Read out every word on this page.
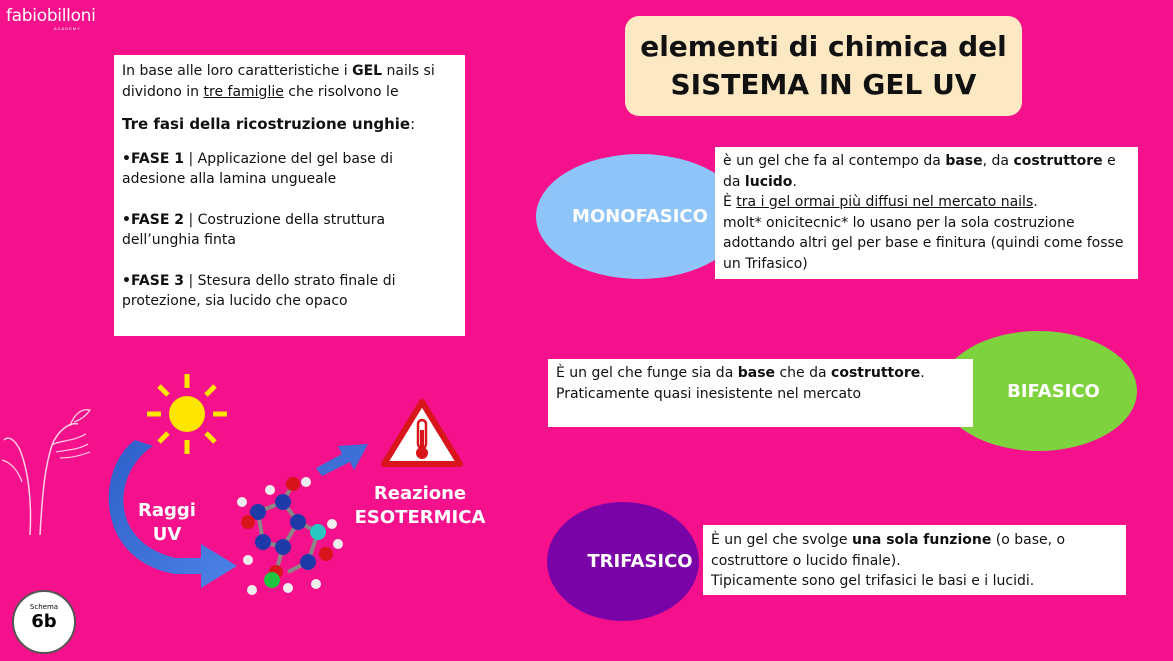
fabiobilloni
ACADEMY
elementi di chimica del
SISTEMA IN GEL UV

In base alle loro caratteristiche i GEL nails si dividono in tre famiglie che risolvono le

Tre fasi della ricostruzione unghie:

•FASE 1 | Applicazione del gel base di adesione alla lamina ungueale

•FASE 2 | Costruzione della struttura dell’unghia finta

•FASE 3 | Stesura dello strato finale di protezione, sia lucido che opaco

MONOFASICO

è un gel che fa al contempo da base, da costruttore e da lucido.

È tra i gel ormai più diffusi nel mercato nails.

molt* onicitecnic* lo usano per la sola costruzione adottando altri gel per base e finitura (quindi come fosse un Trifasico)

BIFASICO

È un gel che funge sia da base che da costruttore.

Praticamente quasi inesistente nel mercato

TRIFASICO

È un gel che svolge una sola funzione (o base, o costruttore o lucido finale).

Tipicamente sono gel trifasici le basi e i lucidi.

Raggi
UV
Reazione
ESOTERMICA
Schema
6b
